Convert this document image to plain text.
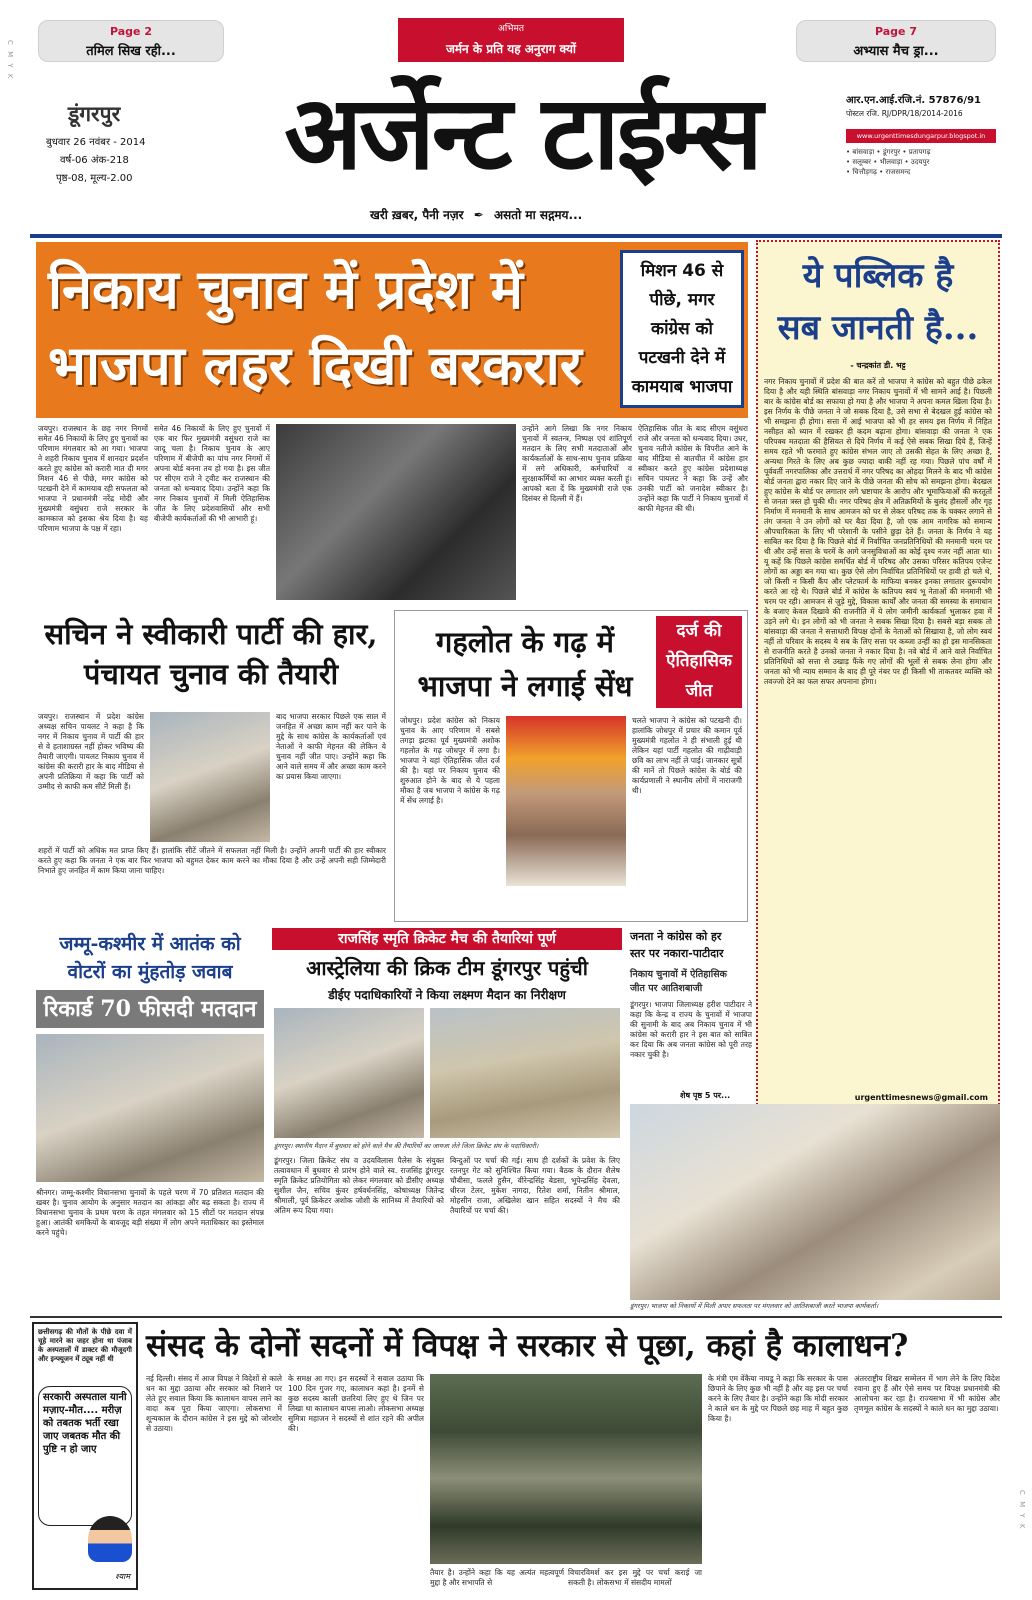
C M Y K
C M Y K
Page 2
तमिल सिख रही...
अभिमत
जर्मन के प्रति यह अनुराग क्यों
Page 7
अभ्यास मैच ड्रा...
डूंगरपुर
बुधवार 26 नवंबर - 2014
वर्ष-06 अंक-218
पृष्ठ-08, मूल्य-2.00	अर्जेन्ट टाईम्स
खरी ख़बर, पैनी नज़र ✒ असतो मा सद्गमय...
आर.एन.आई.रजि.नं. 57876/91
पोस्टल रजि. RJ/DPR/18/2014-2016
www.urgenttimesdungarpur.blogspot.in
• बांसवाड़ा • डूंगरपुर • प्रतापगढ़
• सलूम्बर • भीलवाड़ा • उदयपुर
• चित्तौड़गढ़ • राजसमन्द
निकाय चुनाव में प्रदेश में
भाजपा लहर दिखी बरकरार
मिशन 46 से
पीछे, मगर
कांग्रेस को
पटखनी देने में
कामयाब भाजपा
जयपुर। राजस्थान के छह नगर निगमों समेत 46 निकायों के लिए हुए चुनावों का परिणाम मंगलवार को आ गया। भाजपा ने शहरी निकाय चुनाव में शानदार प्रदर्शन करते हुए कांग्रेस को करारी मात दी मगर मिशन 46 से पीछे, मगर कांग्रेस को पटखनी देने में कामयाब रही सफलता को भाजपा ने प्रधानमंत्री नरेंद्र मोदी और मुख्यमंत्री वसुंधरा राजे सरकार के कामकाज को इसका श्रेय दिया है। यह परिणाम भाजपा के पक्ष में रहा।
समेत 46 निकायों के लिए हुए चुनावों में एक बार फिर मुख्यमंत्री वसुंधरा राजे का जादू चला है। निकाय चुनाव के आए परिणाम में बीजेपी का पांच नगर निगमों में अपना बोर्ड बनना तय हो गया है। इस जीत पर सीएम राजे ने ट्वीट कर राजस्थान की जनता को धन्यवाद दिया। उन्होंने कहा कि नगर निकाय चुनावों में मिली ऐतिहासिक जीत के लिए प्रदेशवासियों और सभी बीजेपी कार्यकर्ताओं की भी आभारी हूं।
उन्होंने आगे लिखा कि नगर निकाय चुनावों में स्वतन्त्र, निष्पक्ष एवं शांतिपूर्ण मतदान के लिए सभी मतदाताओं और कार्यकर्ताओं के साथ-साथ चुनाव प्रक्रिया में लगे अधिकारी, कर्मचारियों व सुरक्षाकर्मियों का आभार व्यक्त करती हूं। आपको बता दें कि मुख्यमंत्री राजे एक दिसंबर से दिल्ली में हैं।
ऐतिहासिक जीत के बाद सीएम वसुंधरा राजे और जनता को धन्यवाद दिया। उधर, चुनाव नतीजे कांग्रेस के विपरीत आने के बाद मीडिया से बातचीत में कांग्रेस हार स्वीकार करते हुए कांग्रेस प्रदेशाध्यक्ष सचिन पायलट ने कहा कि उन्हें और उनकी पार्टी को जनादेश स्वीकार है। उन्होंने कहा कि पार्टी ने निकाय चुनावों में काफी मेहनत की थी।
ये पब्लिक है
सब जानती है...
- चन्द्रकांत डी. भट्ट
नगर निकाय चुनावों में प्रदेश की बात करें तो भाजपा ने कांग्रेस को बहुत पीछे ढकेल दिया है और यही स्थिति बांसवाड़ा नगर निकाय चुनावों में भी सामने आई है। पिछली बार के कांग्रेस बोर्ड का सफाया हो गया है और भाजपा ने अपना कमल खिला दिया है। इस निर्णय के पीछे जनता ने जो सबक दिया है, उसे सभा से बेदखल हुई कांग्रेस को भी समझना ही होगा। सत्ता में आई भाजपा को भी हर समय इस निर्णय में निहित नसीहत को ध्यान में रखकर ही कदम बढ़ाना होगा। बांसवाड़ा की जनता ने एक परिपक्व मतदाता की हैसियत से दिये निर्णय में कई ऐसे सबक सिखा दिये हैं, जिन्हें समय रहते भी फरमाते हुए कांग्रेस संभल जाए तो उसकी सेहत के लिए अच्छा है, अन्यथा गिरते के लिए अब कुछ ज्यादा बाकी नहीं रह गया। पिछले पांच वर्षों में पूर्ववर्ती नगरपालिका और उत्तरार्ध में नगर परिषद का ओहदा मिलने के बाद भी कांग्रेस बोर्ड जनता द्वारा नकार दिए जाने के पीछे जनता की सोच को समझना होगा। बेदखल हुए कांग्रेस के बोर्ड पर लगातार लगे भ्रष्टाचार के आरोप और भूमाफियाओं की करतूतों से जनता त्रस्त हो चुकी थी। नगर परिषद क्षेत्र में अतिक्रमियों के बुलंद हौसलों और गृह निर्माण में मनमानी के साथ आमजन को घर से लेकर परिषद तक के चक्कर लगाने से तंग जनता ने उन लोगों को घर बैठा दिया है, जो एक आम नागरिक को समान्य औपचारिकता के लिए भी परेशानी के पसीने छुड़ा देते हैं। जनता के निर्णय ने यह साबित कर दिया है कि पिछले बोर्ड में निर्वाचित जनप्रतिनिधियों की मनमानी चरम पर थी और उन्हें सत्ता के चरमें के आगे जनसुविधाओं का कोई दृश्य नजर नहीं आता था। यू कहें कि पिछले कांग्रेस समर्थित बोर्ड में परिषद और उसका परिसर कतिपय एजेन्ट लोगों का अड्डा बन गया था। कुछ ऐसे लोग निर्वाचित प्रतिनिधियों पर हावी हो चले थे, जो किसी न किसी कैंप और प्लेटफार्म के माफिया बनकर इनका लगातार दुरूपयोग करते आ रहे थे। पिछले बोर्ड में कांग्रेस के कतिपय स्वयं भू नेताओं की मनमानी भी चरम पर रही। आमजन से जुड़े मुद्दे, विकास कार्यों और जनता की समस्या के समाधान के बजाए केवल दिखावे की राजनीति में ये लोग जमीनी कार्यकर्ता भुलाकर हवा में उड़ने लगे थे। इन लोगों को भी जनता ने सबक सिखा दिया है। सबसे बड़ा सबक तो बांसवाड़ा की जनता ने सत्ताधारी विपक्ष दोनों के नेताओं को सिखाया है, जो लोग स्वयं नहीं तो परिवार के सदस्य ये सब के लिए सत्ता पर कब्जा उन्हीं का हो इस मानसिकता से राजनीति करते है उनको जनता ने नकार दिया है। नवे बोर्ड में आने वाले निर्वाचित प्रतिनिधियों को सत्ता से उखाड़ फैंके गए लोगों की भूलों से सबक लेना होगा और जनता को भी न्याय सम्मान के बाद ही पूरे नंबर पर ही किसी भी ताकतवर व्यक्ति को तवज्जो देने का फल सफर अपनाना होगा।
urgenttimesnews@gmail.com
सचिन ने स्वीकारी पार्टी की हार,
पंचायत चुनाव की तैयारी
जयपुर। राजस्थान में प्रदेश कांग्रेस अध्यक्ष सचिन पायलट ने कहा है कि नगर में निकाय चुनाव में पार्टी की हार से वे हताशाग्रस्त नहीं होकर भविष्य की तैयारी जाएगी। पायलट निकाय चुनाव में कांग्रेस की करारी हार के बाद मीडिया से अपनी प्रतिक्रिया में कहा कि पार्टी को उम्मीद से काफी कम सीटें मिली हैं।
बाद भाजपा सरकार पिछले एक साल में जनहित में अच्छा काम नहीं कर पाने के मुद्दे के साथ कांग्रेस के कार्यकर्ताओं एवं नेताओं ने काफी मेहनत की लेकिन ये चुनाव नहीं जीत पाए। उन्होंने कहा कि आने वाले समय में और अच्छा काम करने का प्रयास किया जाएगा।
शहरों में पार्टी को अधिक मत प्राप्त किए हैं। हालांकि सीटें जीतने में सफलता नहीं मिली है। उन्होंने अपनी पार्टी की हार स्वीकार करते हुए कहा कि जनता ने एक बार फिर भाजपा को बहुमत देकर काम करने का मौका दिया है और उन्हें अपनी सही जिम्मेदारी निभाते हुए जनहित में काम किया जाना चाहिए।
गहलोत के गढ़ में
भाजपा ने लगाई सेंध
दर्ज की
ऐतिहासिक
जीत
जोधपुर। प्रदेश कांग्रेस को निकाय चुनाव के आए परिणाम में सबसे तगड़ा झटका पूर्व मुख्यमंत्री अशोक गहलोत के गढ़ जोधपुर में लगा है। भाजपा ने यहां ऐतिहासिक जीत दर्ज की है। यहां पर निकाय चुनाव की शुरुआत होने के बाद से ये पहला मौका है जब भाजपा ने कांग्रेस के गढ़ में सेंध लगाई है।
चलते भाजपा ने कांग्रेस को पटखनी दी। हालांकि जोधपुर में प्रचार की कमान पूर्व मुख्यमंत्री गहलोत ने ही संभाली हुई थी लेकिन यहां पार्टी गहलोत की गाढ़ीवाड़ी छवि का लाभ नहीं ले पाई। जानकार सूत्रों की मानें तो पिछले कांग्रेस के बोर्ड की कार्यप्रणाली ने स्थानीय लोगों में नाराजगी थी।
जम्मू-कश्मीर में आतंक को
वोटरों का मुंहतोड़ जवाब
रिकार्ड 70 फीसदी मतदान
श्रीनगर। जम्मू-कश्मीर विधानसभा चुनावों के पहले चरण में 70 प्रतिशत मतदान की खबर है। चुनाव आयोग के अनुसार मतदान का आंकड़ा और बढ़ सकता है। राज्य में विधानसभा चुनाव के प्रथम चरण के तहत मंगलवार को 15 सीटों पर मतदान संपन्न हुआ। आतंकी धमकियों के बावजूद बड़ी संख्या में लोग अपने मताधिकार का इस्तेमाल करने पहुंचे।
राजसिंह स्मृति क्रिकेट मैच की तैयारियां पूर्ण
आस्ट्रेलिया की क्रिक टीम डूंगरपुर पहुंची
डीईए पदाधिकारियों ने किया लक्ष्मण मैदान का निरीक्षण
डूंगरपुर। स्थानीय मैदान में बुधवार को होने वाले मैच की तैयारियों का जायजा लेते जिला क्रिकेट संघ के पदाधिकारी।
डूंगरपुर। जिला क्रिकेट संघ व उदयविलास पैलेस के संयुक्त तत्वावधान में बुधवार से प्रारंभ होने वाले स्व. राजसिंह डूंगरपुर स्मृति क्रिकेट प्रतियोगिता को लेकर मंगलवार को डीसीए अध्यक्ष सुशील जैन, सचिव कुंवर हर्षवर्धनसिंह, कोषाध्यक्ष जितेन्द्र श्रीमाली, पूर्व क्रिकेटर अशोक जोशी के सानिध्य में तैयारियों को अंतिम रूप दिया गया।
बिन्दुओं पर चर्चा की गई। साथ ही दर्शकों के प्रवेश के लिए रतनपुर गेट को सुनिश्चित किया गया। बैठक के दौरान शैलेष चौबीसा, फलले हुसैन, वीरेन्द्रसिंह बेडसा, भूपेन्द्रसिंह देवला, धीरज टेलर, मुकेश नागदा, रितेश शर्मा, नितीन श्रीमाल, मोहसीन राजा, अखिलेश खान सहित सदस्यों ने मैच की तैयारियों पर चर्चा की।
जनता ने कांग्रेस को हर
स्तर पर नकारा-पाटीदार
निकाय चुनावों में ऐतिहासिक
जीत पर आतिशबाजी
डूंगरपुर। भाजपा जिलाध्यक्ष हरीश पाटीदार ने कहा कि केन्द्र व राज्य के चुनावों में भाजपा की सुनामी के बाद अब निकाय चुनाव में भी कांग्रेस को करारी हार ने इस बात को साबित कर दिया कि अब जनता कांग्रेस को पूरी तरह नकार चुकी है।
शेष पृष्ठ 5 पर...
डूंगरपुर। भाजपा को निकायों में मिली अपार सफलता पर मंगलवार को आतिशबाजी करते भाजपा कार्यकर्ता।
छत्तीसगढ़ की मौतों के पीछे दवा में चूहे मारने का जहर होना था पंजाब के अस्पतालों में डाक्टर की मौजूदगी और इन्फ्यूजन में ट्यूब नहीं थी
सरकारी अस्पताल यानी मज़ाए-मौत.... मरीज़ को तबतक भर्ती रखा जाए जबतक मौत की पुष्टि न हो जाए
श्याम
संसद के दोनों सदनों में विपक्ष ने सरकार से पूछा, कहां है कालाधन?
नई दिल्ली। संसद में आज विपक्ष ने विदेशों से काले धन का मुद्दा उठाया और सरकार को निशाने पर लेते हुए सवाल किया कि कालाधन वापस लाने का वादा कब पूरा किया जाएगा। लोकसभा में शून्यकाल के दौरान कांग्रेस ने इस मुद्दे को जोरशोर से उठाया।
के समक्ष आ गए। इन सदस्यों ने सवाल उठाया कि 100 दिन गुजर गए, कालाधन कहां है। इनमें से कुछ सदस्य काली छतरियां लिए हुए थे जिन पर लिखा था कालाधन वापस लाओ। लोकसभा अध्यक्ष सुमित्रा महाजन ने सदस्यों से शांत रहने की अपील की।
तैयार है। उन्होंने कहा कि यह अत्यंत महत्वपूर्ण मुद्दा है और सभापति से
विचारविमर्श कर इस मुद्दे पर चर्चा कराई जा सकती है। लोकसभा में संसदीय मामलों
के मंत्री एम वेंकैया नायडू ने कहा कि सरकार के पास छिपाने के लिए कुछ भी नहीं है और वह इस पर चर्चा करने के लिए तैयार है। उन्होंने कहा कि मोदी सरकार ने काले धन के मुद्दे पर पिछले छह माह में बहुत कुछ किया है।
अंतरराष्ट्रीय शिखर सम्मेलन में भाग लेने के लिए विदेश रवाना हुए हैं और ऐसे समय पर विपक्ष प्रधानमंत्री की आलोचना कर रहा है। राज्यसभा में भी कांग्रेस और तृणमूल कांग्रेस के सदस्यों ने काले धन का मुद्दा उठाया।
